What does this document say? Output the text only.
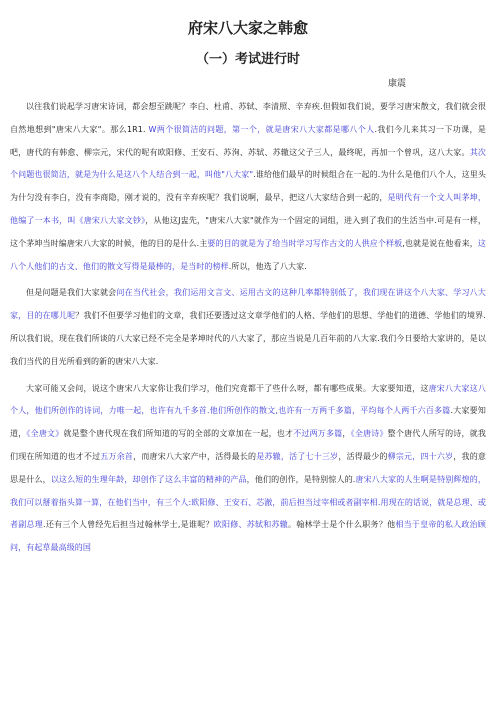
府宋八大家之韩愈
（一）考试进行时
康震

以往我们说起学习唐宋诗词，都会想至跳呢？李白、杜甫、苏轼、李清照、辛弃疾.但假如我们说，要学习唐宋散文，我们就会很自然地想到"唐宋八大家"。那么1R1. W两个很简洁的问题，第一个，就是唐宋八大家都是哪八个人.我们今儿来其习一下功课，是吧，唐代的有韩愈、柳宗元，宋代的呢有欧阳修、王安石、苏洵、苏轼、苏辙这父子三人，最终呢，再加一个曾巩，这八大家。其次个问题也很简洁，就是为什么是这八个人结合到一起，叫他"八大家".谁给他们最早的时候组合在一起的.为什么是他们八个人，这里头为什匀没有李白，没有李商隐，刚才说的，没有辛弃疾呢？我们说啊，最早，把这八大家结合到一起的，是明代有一个文人叫茅坤，他编了一本书，叫《唐宋八大家文钞》，从他这J盅先，"唐宋八大家"就作为一个固定的词组，进入到了我们的生活当中.可是有一样，这个茅坤当时编唐宋八大家的时候，他的目的是什么.主要的目的就是为了给当时学习写作古文的人供应个样板,也就是说在他看来，这八个人他们的古文、他们的散文写得是最棒的，是当时的榜样.所以，他选了八大家.

但是问题是我们大家就会问在当代社会，我们运用文言文、运用古文的这种几率都特别低了，我们现在讲这个八大家、学习八大家，目的在哪儿呢？我们不但要学习他们的文章，我们还要透过这文章学他们的人格、学他们的思想、学他们的道德、学他们的境界.所以我们说，现在我们所谈的八大家已经不完全是茅坤时代的八大家了，那应当说是几百年前的八大家.我们今日要给大家讲的，是以我们当代的目光所看到的新的唐宋八大家.

大家可能又会问，说这个唐宋八大家你让我们学习，他们究竟都干了些什么呀，都有哪些成果。大家要知道，这唐宋八大家这八个人，他们所创作的诗词，力唯一起，也许有九千多首.他们所创作的散文,也许有一万两千多篇，平均每个人两千六百多篇.大家要知道，《全唐文》就是整个唐代现在我们所知道的写的全部的文章加在一起，也才不过两万多篇，《全唐诗》整个唐代人所写的诗，就我们现在所知道的也才不过五万余首，而唐宋八大家产中，活得最长的是苏辙，活了七十三岁，活得最少的柳宗元，四十六岁，我的意思是什么，以这么短的生理年龄，却创作了这么丰富的精神的产品，他们的创作，是特别惊人的.唐宋八大家的人生啊是特别辉煌的，我们可以掰着指头算一算，在他们当中，有三个人:欧阳修、王安石、芯澈，前后担当过宰相或者副宰相.用现在的话说，就是总理、或者副总理.还有三个人曾经先后担当过翰林学士,是谁呢？欧阳修、苏轼和苏辙。翰林学士是个什么职务？他相当于皇帝的私人政治顾问，有起草最高级的国
